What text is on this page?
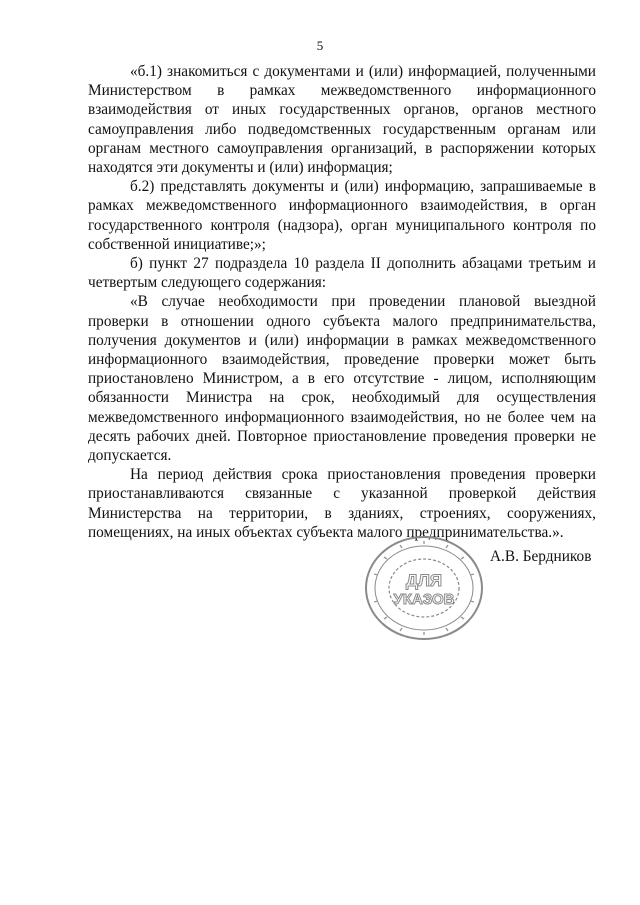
5

«б.1) знакомиться с документами и (или) информацией, полученными Министерством в рамках межведомственного информационного взаимодействия от иных государственных органов, органов местного самоуправления либо подведомственных государственным органам или органам местного самоуправления организаций, в распоряжении которых находятся эти документы и (или) информация;

б.2) представлять документы и (или) информацию, запрашиваемые в рамках межведомственного информационного взаимодействия, в орган государственного контроля (надзора), орган муниципального контроля по собственной инициативе;»;

б) пункт 27 подраздела 10 раздела II дополнить абзацами третьим и четвертым следующего содержания:

«В случае необходимости при проведении плановой выездной проверки в отношении одного субъекта малого предпринимательства, получения документов и (или) информации в рамках межведомственного информационного взаимодействия, проведение проверки может быть приостановлено Министром, а в его отсутствие - лицом, исполняющим обязанности Министра на срок, необходимый для осуществления межведомственного информационного взаимодействия, но не более чем на десять рабочих дней. Повторное приостановление проведения проверки не допускается.

На период действия срока приостановления проведения проверки приостанавливаются связанные с указанной проверкой действия Министерства на территории, в зданиях, строениях, сооружениях, помещениях, на иных объектах субъекта малого предпринимательства.».

ДЛЯ
УКАЗОВ
А.В. Бердников
